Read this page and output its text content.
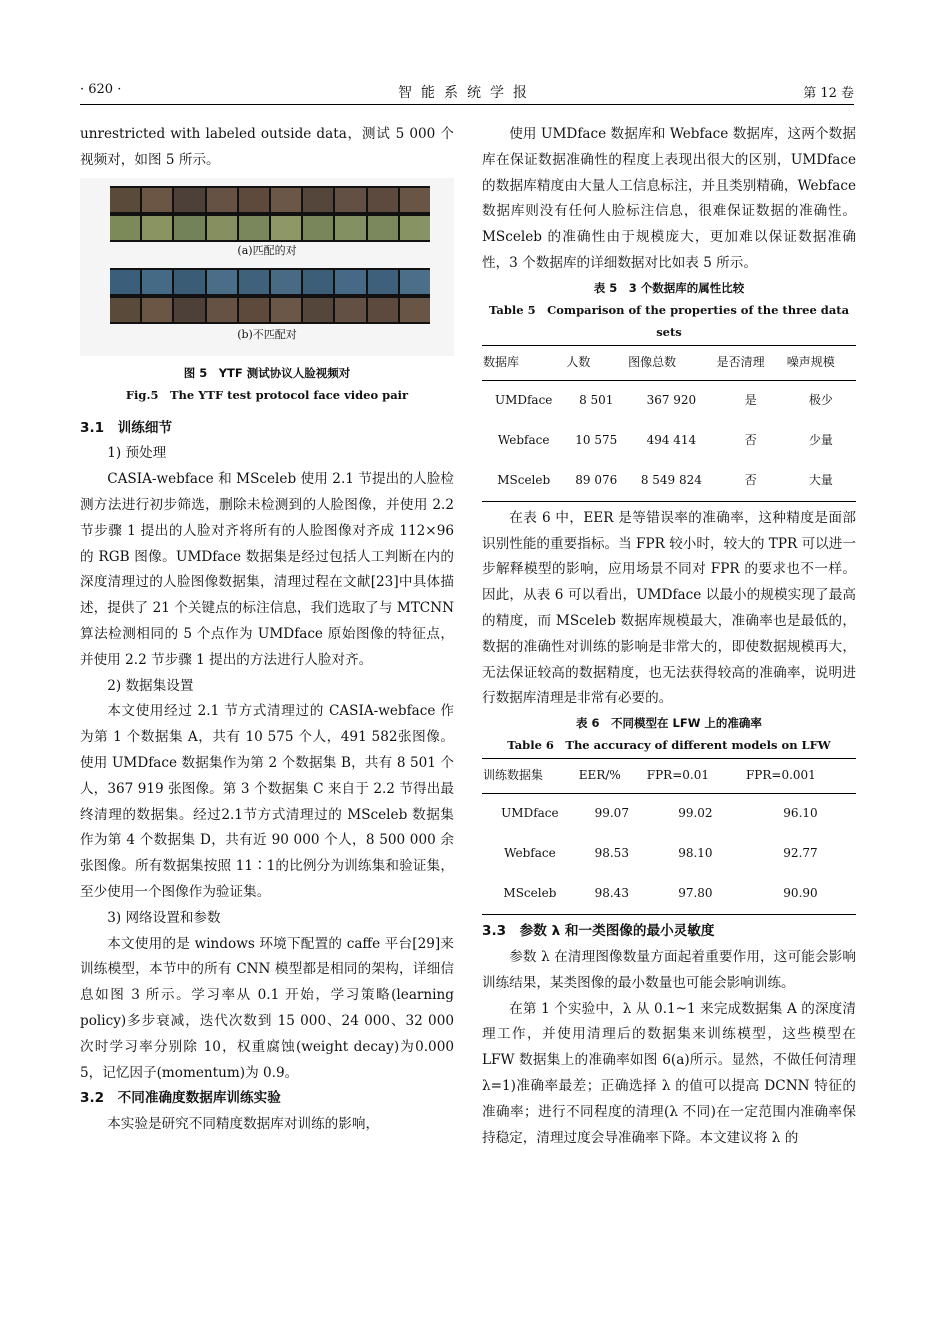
· 620 ·	智能系统学报	第 12 卷

unrestricted with labeled outside data，测试 5 000 个视频对，如图 5 所示。

(a)匹配的对
(b)不匹配对

图 5　YTF 测试协议人脸视频对

Fig.5　The YTF test protocol face video pair

3.1　训练细节

1) 预处理

CASIA-webface 和 MSceleb 使用 2.1 节提出的人脸检测方法进行初步筛选，删除未检测到的人脸图像，并使用 2.2 节步骤 1 提出的人脸对齐将所有的人脸图像对齐成 112×96 的 RGB 图像。UMDface 数据集是经过包括人工判断在内的深度清理过的人脸图像数据集，清理过程在文献[23]中具体描述，提供了 21 个关键点的标注信息，我们选取了与 MTCNN 算法检测相同的 5 个点作为 UMDface 原始图像的特征点，并使用 2.2 节步骤 1 提出的方法进行人脸对齐。

2) 数据集设置

本文使用经过 2.1 节方式清理过的 CASIA-webface 作为第 1 个数据集 A，共有 10 575 个人，491 582张图像。使用 UMDface 数据集作为第 2 个数据集 B，共有 8 501 个人，367 919 张图像。第 3 个数据集 C 来自于 2.2 节得出最终清理的数据集。经过2.1节方式清理过的 MSceleb 数据集作为第 4 个数据集 D，共有近 90 000 个人，8 500 000 余张图像。所有数据集按照 11∶1的比例分为训练集和验证集，至少使用一个图像作为验证集。

3) 网络设置和参数

本文使用的是 windows 环境下配置的 caffe 平台[29]来训练模型，本节中的所有 CNN 模型都是相同的架构，详细信息如图 3 所示。学习率从 0.1 开始，学习策略(learning policy)多步衰减，迭代次数到 15 000、24 000、32 000 次时学习率分别除 10，权重腐蚀(weight decay)为0.000 5，记忆因子(momentum)为 0.9。

3.2　不同准确度数据库训练实验

本实验是研究不同精度数据库对训练的影响，

使用 UMDface 数据库和 Webface 数据库，这两个数据库在保证数据准确性的程度上表现出很大的区别，UMDface 的数据库精度由大量人工信息标注，并且类别精确，Webface 数据库则没有任何人脸标注信息，很难保证数据的准确性。MSceleb 的准确性由于规模庞大，更加难以保证数据准确性，3 个数据库的详细数据对比如表 5 所示。

表 5　3 个数据库的属性比较

Table 5　Comparison of the properties of the three data sets

数据库	人数	图像总数	是否清理	噪声规模
UMDface	8 501	367 920	是	极少
Webface	10 575	494 414	否	少量
MSceleb	89 076	8 549 824	否	大量

在表 6 中，EER 是等错误率的准确率，这种精度是面部识别性能的重要指标。当 FPR 较小时，较大的 TPR 可以进一步解释模型的影响，应用场景不同对 FPR 的要求也不一样。因此，从表 6 可以看出，UMDface 以最小的规模实现了最高的精度，而 MSceleb 数据库规模最大，准确率也是最低的，数据的准确性对训练的影响是非常大的，即使数据规模再大，无法保证较高的数据精度，也无法获得较高的准确率，说明进行数据库清理是非常有必要的。

表 6　不同模型在 LFW 上的准确率

Table 6　The accuracy of different models on LFW

训练数据集	EER/%	FPR=0.01	FPR=0.001
UMDface	99.07	99.02	96.10
Webface	98.53	98.10	92.77
MSceleb	98.43	97.80	90.90

3.3　参数 λ 和一类图像的最小灵敏度

参数 λ 在清理图像数量方面起着重要作用，这可能会影响训练结果，某类图像的最小数量也可能会影响训练。

在第 1 个实验中，λ 从 0.1~1 来完成数据集 A 的深度清理工作，并使用清理后的数据集来训练模型，这些模型在 LFW 数据集上的准确率如图 6(a)所示。显然，不做任何清理 λ=1)准确率最差；正确选择 λ 的值可以提高 DCNN 特征的准确率；进行不同程度的清理(λ 不同)在一定范围内准确率保持稳定，清理过度会导准确率下降。本文建议将 λ 的
